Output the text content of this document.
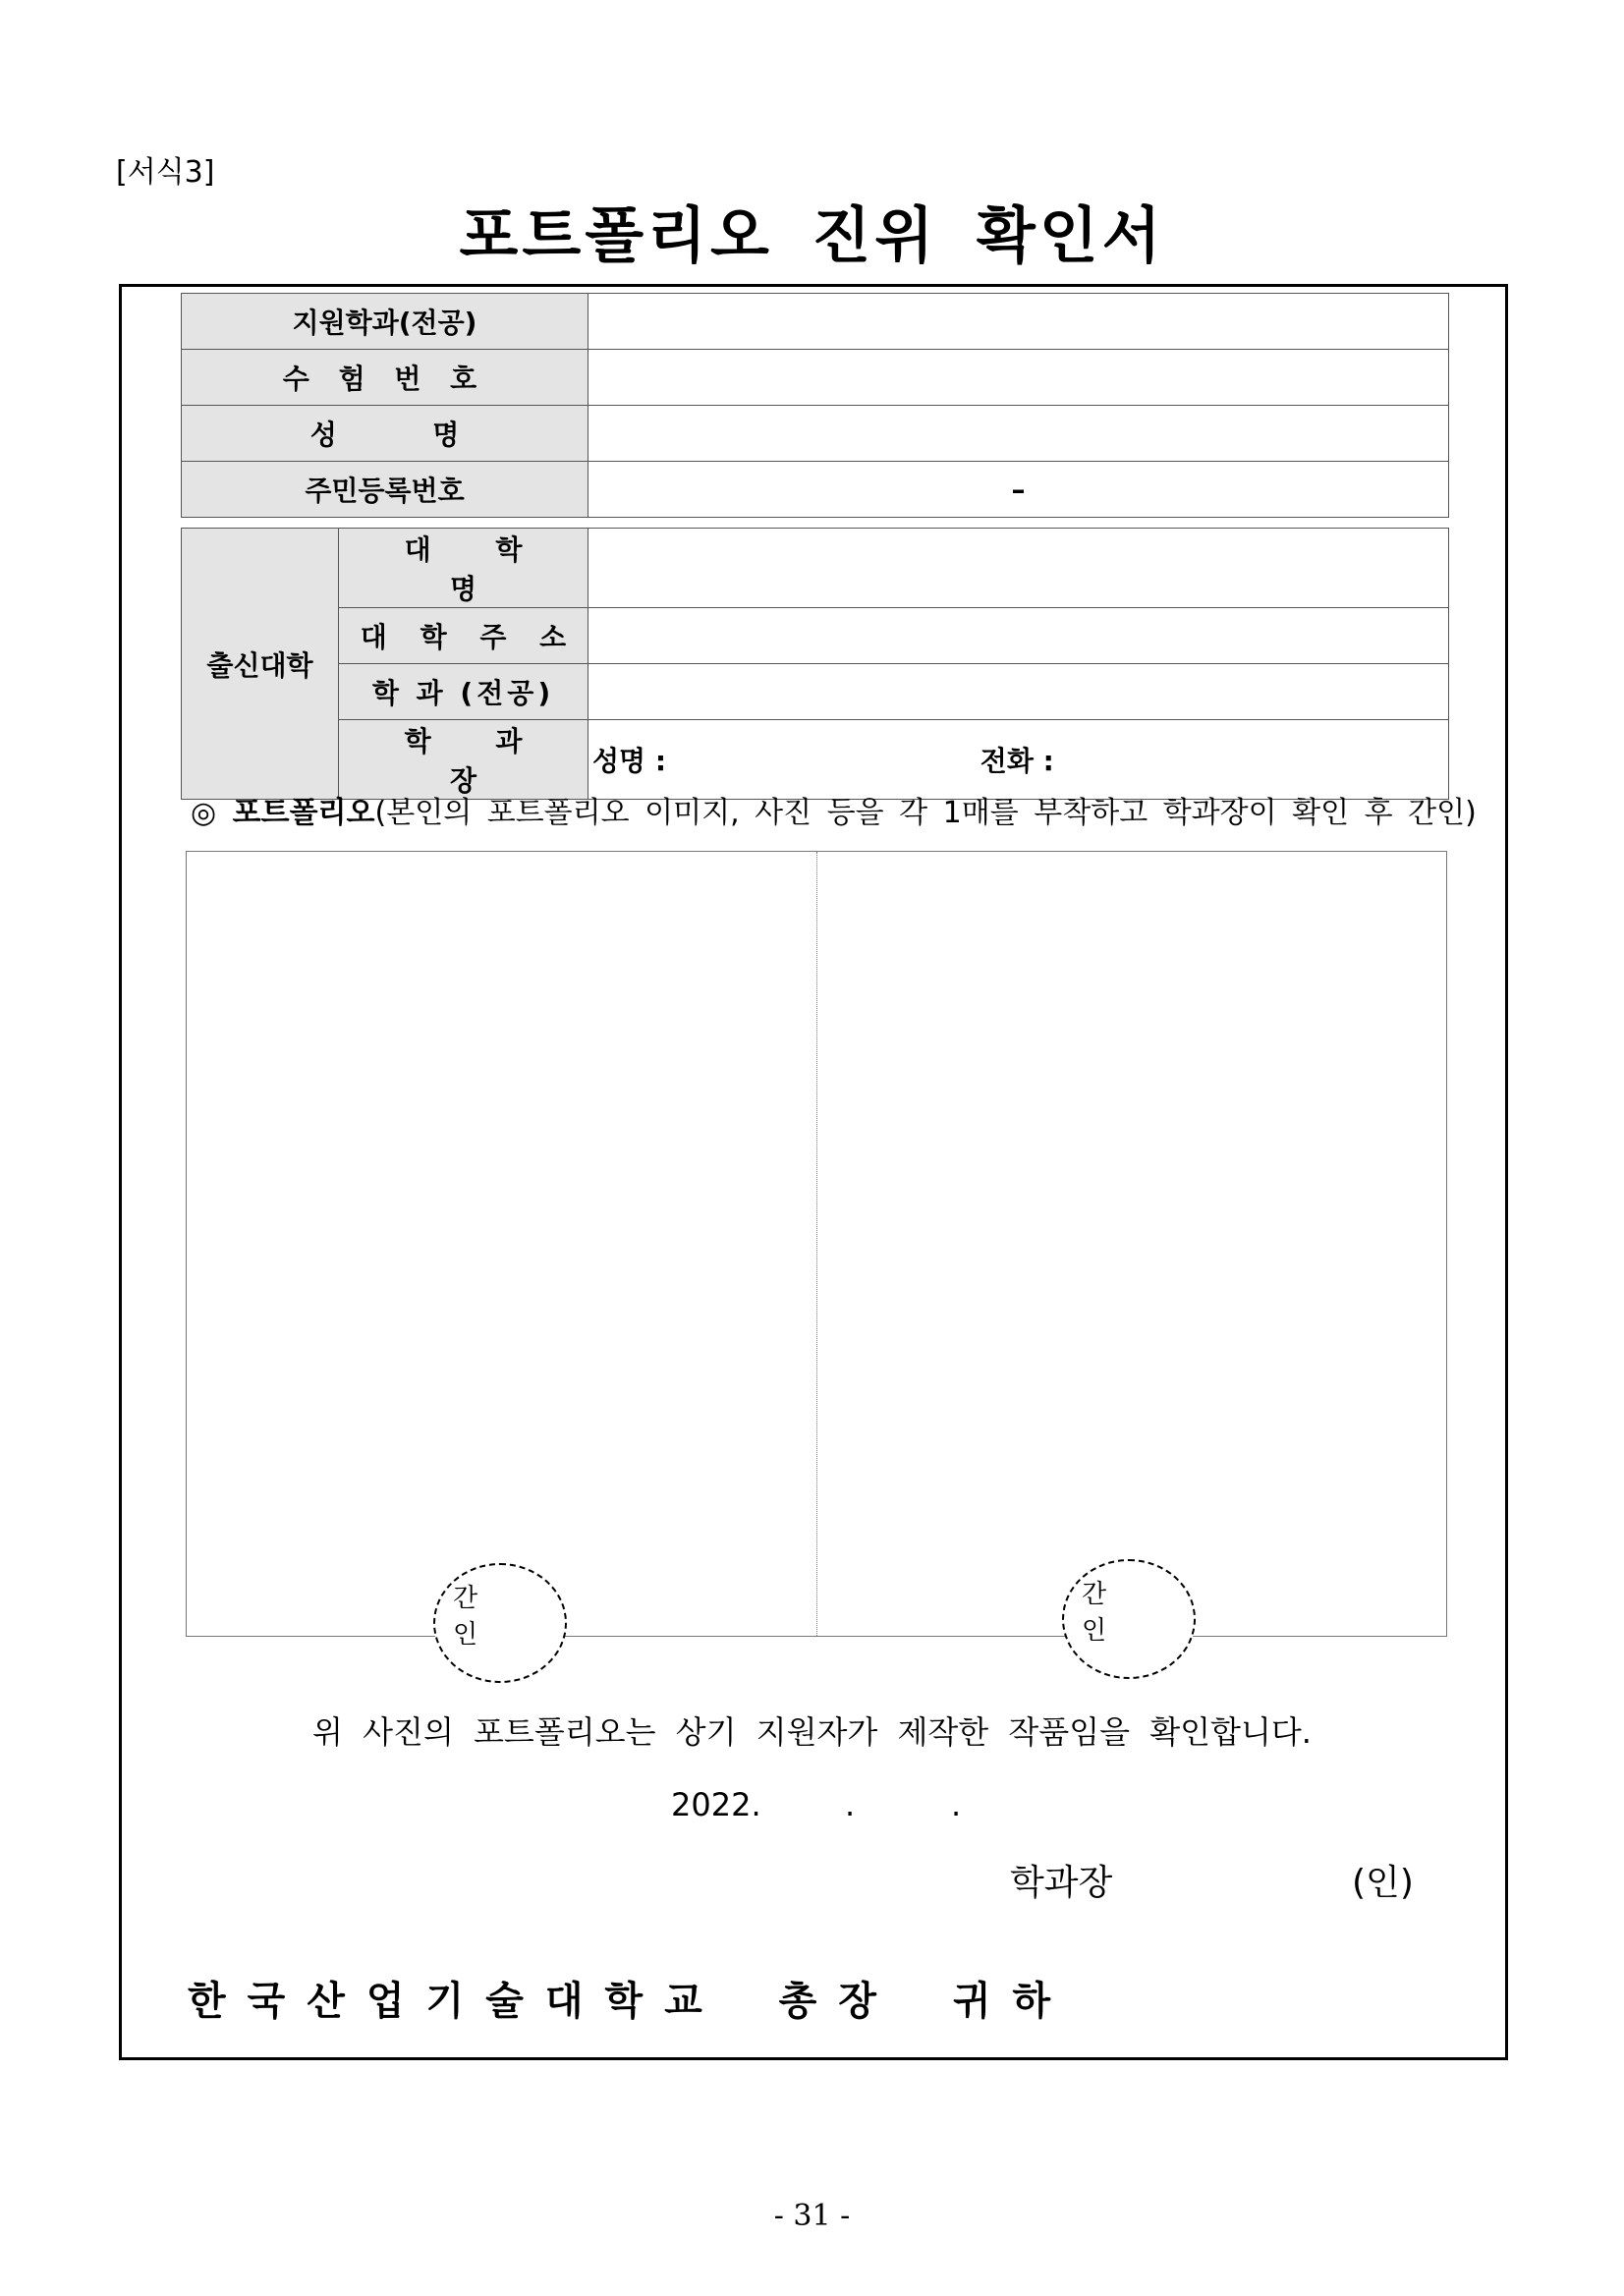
[서식3]
포트폴리오 진위 확인서
지원학과(전공)	
수 험 번 호	
성          명	
주민등록번호	–
출신대학	대 학 명	
	대 학 주 소	
	학 과 (전공)	
	학 과 장	성명 : 전화 :
◎ 포트폴리오(본인의 포트폴리오 이미지, 사진 등을 각 1매를 부착하고 학과장이 확인 후 간인)
간 인
간 인
위 사진의 포트폴리오는 상기 지원자가 제작한 작품임을 확인합니다.
2022.	.	.
학과장	(인)
한국산업기술대학교 총장 귀하
- 31 -
